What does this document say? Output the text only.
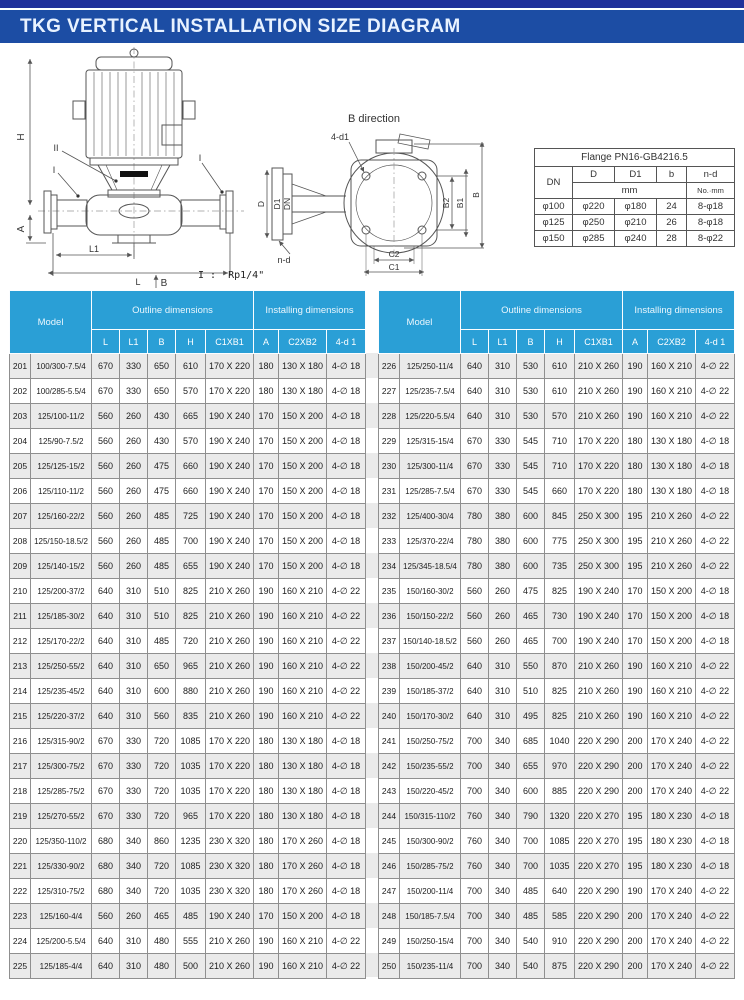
TKG VERTICAL INSTALLATION SIZE DIAGRAM
H
A
L1
L B
II
I
I
B direction
4-d1
n-d
D D1 DN	B2 B1
B
C2
C1

I :  Rp1/4"

Flange PN16-GB4216.5				
DN	D	D1	b	n-d
	mm			No.·mm
φ100	φ220	φ180	24	8-φ18
φ125	φ250	φ210	26	8-φ18
φ150	φ285	φ240	28	8-φ22
Model		Outline dimensions					Installing dimensions		
		L	L1	B	H	C1XB1	A	C2XB2	4-d 1
201	100/300-7.5/4	670	330	650	610	170 X 220	180	130 X 180	4-∅ 18
202	100/285-5.5/4	670	330	650	570	170 X 220	180	130 X 180	4-∅ 18
203	125/100-11/2	560	260	430	665	190 X 240	170	150 X 200	4-∅ 18
204	125/90-7.5/2	560	260	430	570	190 X 240	170	150 X 200	4-∅ 18
205	125/125-15/2	560	260	475	660	190 X 240	170	150 X 200	4-∅ 18
206	125/110-11/2	560	260	475	660	190 X 240	170	150 X 200	4-∅ 18
207	125/160-22/2	560	260	485	725	190 X 240	170	150 X 200	4-∅ 18
208	125/150-18.5/2	560	260	485	700	190 X 240	170	150 X 200	4-∅ 18
209	125/140-15/2	560	260	485	655	190 X 240	170	150 X 200	4-∅ 18
210	125/200-37/2	640	310	510	825	210 X 260	190	160 X 210	4-∅ 22
211	125/185-30/2	640	310	510	825	210 X 260	190	160 X 210	4-∅ 22
212	125/170-22/2	640	310	485	720	210 X 260	190	160 X 210	4-∅ 22
213	125/250-55/2	640	310	650	965	210 X 260	190	160 X 210	4-∅ 22
214	125/235-45/2	640	310	600	880	210 X 260	190	160 X 210	4-∅ 22
215	125/220-37/2	640	310	560	835	210 X 260	190	160 X 210	4-∅ 22
216	125/315-90/2	670	330	720	1085	170 X 220	180	130 X 180	4-∅ 18
217	125/300-75/2	670	330	720	1035	170 X 220	180	130 X 180	4-∅ 18
218	125/285-75/2	670	330	720	1035	170 X 220	180	130 X 180	4-∅ 18
219	125/270-55/2	670	330	720	965	170 X 220	180	130 X 180	4-∅ 18
220	125/350-110/2	680	340	860	1235	230 X 320	180	170 X 260	4-∅ 18
221	125/330-90/2	680	340	720	1085	230 X 320	180	170 X 260	4-∅ 18
222	125/310-75/2	680	340	720	1035	230 X 320	180	170 X 260	4-∅ 18
223	125/160-4/4	560	260	465	485	190 X 240	170	150 X 200	4-∅ 18
224	125/200-5.5/4	640	310	480	555	210 X 260	190	160 X 210	4-∅ 22
225	125/185-4/4	640	310	480	500	210 X 260	190	160 X 210	4-∅ 22
Model		Outline dimensions					Installing dimensions		
		L	L1	B	H	C1XB1	A	C2XB2	4-d 1
226	125/250-11/4	640	310	530	610	210 X 260	190	160 X 210	4-∅ 22
227	125/235-7.5/4	640	310	530	610	210 X 260	190	160 X 210	4-∅ 22
228	125/220-5.5/4	640	310	530	570	210 X 260	190	160 X 210	4-∅ 22
229	125/315-15/4	670	330	545	710	170 X 220	180	130 X 180	4-∅ 18
230	125/300-11/4	670	330	545	710	170 X 220	180	130 X 180	4-∅ 18
231	125/285-7.5/4	670	330	545	660	170 X 220	180	130 X 180	4-∅ 18
232	125/400-30/4	780	380	600	845	250 X 300	195	210 X 260	4-∅ 22
233	125/370-22/4	780	380	600	775	250 X 300	195	210 X 260	4-∅ 22
234	125/345-18.5/4	780	380	600	735	250 X 300	195	210 X 260	4-∅ 22
235	150/160-30/2	560	260	475	825	190 X 240	170	150 X 200	4-∅ 18
236	150/150-22/2	560	260	465	730	190 X 240	170	150 X 200	4-∅ 18
237	150/140-18.5/2	560	260	465	700	190 X 240	170	150 X 200	4-∅ 18
238	150/200-45/2	640	310	550	870	210 X 260	190	160 X 210	4-∅ 22
239	150/185-37/2	640	310	510	825	210 X 260	190	160 X 210	4-∅ 22
240	150/170-30/2	640	310	495	825	210 X 260	190	160 X 210	4-∅ 22
241	150/250-75/2	700	340	685	1040	220 X 290	200	170 X 240	4-∅ 22
242	150/235-55/2	700	340	655	970	220 X 290	200	170 X 240	4-∅ 22
243	150/220-45/2	700	340	600	885	220 X 290	200	170 X 240	4-∅ 22
244	150/315-110/2	760	340	790	1320	220 X 270	195	180 X 230	4-∅ 18
245	150/300-90/2	760	340	700	1085	220 X 270	195	180 X 230	4-∅ 18
246	150/285-75/2	760	340	700	1035	220 X 270	195	180 X 230	4-∅ 18
247	150/200-11/4	700	340	485	640	220 X 290	190	170 X 240	4-∅ 22
248	150/185-7.5/4	700	340	485	585	220 X 290	200	170 X 240	4-∅ 22
249	150/250-15/4	700	340	540	910	220 X 290	200	170 X 240	4-∅ 22
250	150/235-11/4	700	340	540	875	220 X 290	200	170 X 240	4-∅ 22
